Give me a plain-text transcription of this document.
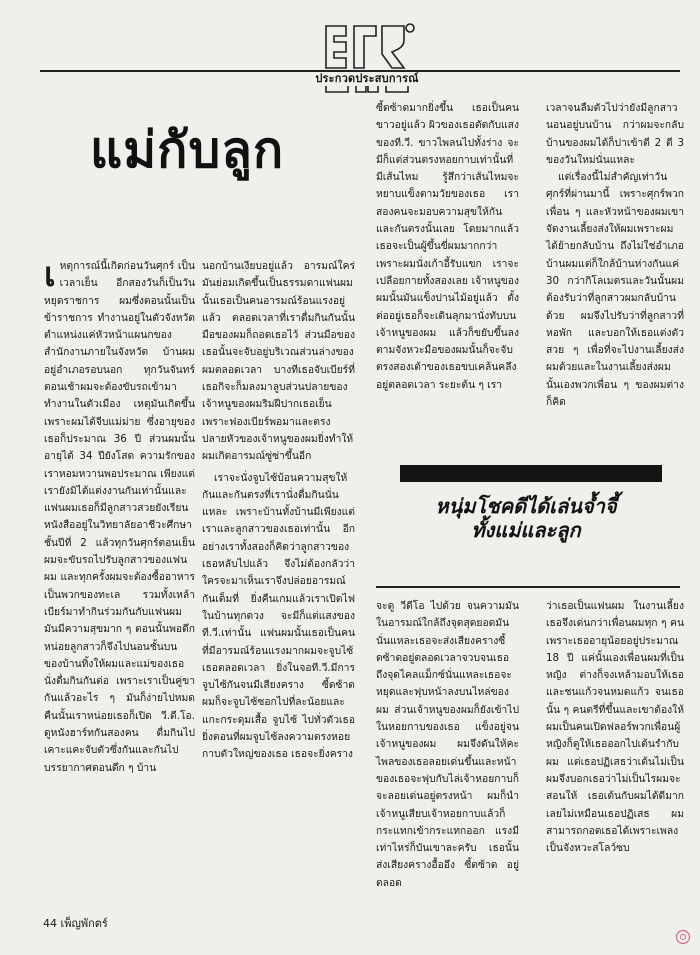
ประกวดประสบการณ์
แม่กับลูก

เหตุการณ์นี้เกิดก่อนวันศุกร์ เป็นเวลาเย็น อีกสองวันก็เป็นวันหยุดราชการ ผมซึ่งตอนนั้นเป็นข้าราชการ ทำงานอยู่ในตัวจังหวัด ตำแหน่งแค่หัวหน้าแผนกของสำนักงานภายในจังหวัด บ้านผมอยู่อำเภอรอบนอก ทุกวันจันทร์ตอนเช้าผมจะต้องขับรถเข้ามาทำงานในตัวเมือง เหตุมันเกิดขึ้นเพราะผมได้จีบแม่ม่าย ซึ่งอายุของเธอก็ประมาณ 36 ปี ส่วนผมนั้นอายุได้ 34 ปียังโสด ความรักของเราหอมหวานพอประมาณ เพียงแต่เรายังมิได้แต่งงานกันเท่านั้นและแฟนผมเธอก็มีลูกสาวสวยยังเรียนหนังสืออยู่ในวิทยาลัยอาชีวะศึกษาชั้นปีที่ 2 แล้วทุกวันศุกร์ตอนเย็น ผมจะขับรถไปรับลูกสาวของแฟนผม และทุกครั้งผมจะต้องซื้ออาหารเป็นพวกของทะเล รวมทั้งเหล้าเบียร์มาทำกินร่วมกันกับแฟนผม มันมีความสุขมาก ๆ ตอนนั้นพอดึกหน่อยลูกสาวก็จึงไปนอนชั้นบนของบ้านทิ้งให้ผมและแม่ของเธอนั่งดื่มกินกันต่อ เพราะเราเป็นคู่ขากันแล้วอะไร ๆ มันก็ง่ายไปหมด คืนนั้นเราหน่อยเธอก็เปิด วี.ดี.โอ. ดูหนังฮาร์ทกันสองคน ดื่มกินไปเคาะแคะจับตัวซึ่งกันและกันไปบรรยากาศตอนดึก ๆ บ้าน

นอกบ้านเงียบอยู่แล้ว อารมณ์ใคร่มันย่อมเกิดขึ้นเป็นธรรมดาแฟนผมนั้นเธอเป็นคนอารมณ์ร้อนแรงอยู่แล้ว ตลอดเวลาที่เราดื่มกินกันนั้น มือของผมก็ถอดเธอไว้ ส่วนมือของเธอนั้นจะจับอยู่บริเวณส่วนล่างของผมตลอดเวลา บางทีเธอจับเบียร์ที่เธอกิจะก็มลงมาลูบส่วนปลายของเจ้าหนูของผมริมฝีปากเธอเย็นเพราะฟองเบียร์พอมาและตรงปลายหัวของเจ้าหนูของผมยิ่งทำให้ผมเกิดอารมณ์ซู่ซ่าขึ้นอีก

เราจะนั่งจูบไซ้บ้อนความสุขให้กันและกันตรงที่เรานั่งดื่มกินนั่นแหละ เพราะบ้านทั้งบ้านมีเพียงแต่เราและลูกสาวของเธอเท่านั้น อีกอย่างเราทั้งสองก็คิดว่าลูกสาวของเธอหลับไปแล้ว จึงไม่ต้องกลัวว่าใครจะมาเห็นเราจึงปล่อยอารมณ์กันเต็มที่ ยิ่งคืนเกมแล้วเราเปิดไฟในบ้านทุกดวง จะมีก็แต่แสงของ ที.วี.เท่านั้น แฟนผมนั้นเธอเป็นคนที่มีอารมณ์ร้อนแรงมากผมจะจูบไซ้เธอตลอดเวลา ยิ่งในจอที.วี.มีการจูบไซ้กันจนมีเสียงคราง ซี้ดซ้าด ผมก็จะจูบไซ้ซอกไปที่ละน้อยและแกะกระดุมเสื้อ จูบไซ้ ไปทั่วตัวเธอ ยิ่งตอนที่ผมจูบไซ้ลงความตรงหอยกาบตัวใหญ่ของเธอ เธอจะยิ่งคราง

ซี้ดซ้าดมากยิ่งขึ้น เธอเป็นคนขาวอยู่แล้ว ผิวของเธอตัดกับแสงของที.วี. ขาวไพลนไปทั้งร่าง จะมีก็แต่ส่วนตรงหอยกาบเท่านั้นที่มีเส้นไหม รู้สึกว่าเส้นไหมจะหยาบแข็งตามวัยของเธอ เราสองคนจะมอบความสุขให้กันและกันตรงนั้นเลย โดยมากแล้วเธอจะเป็นผู้ขึ้นขี่ผมมากกว่า เพราะผมนั่งเก้าอี้รับแขก เราจะเปลือยกายทั้งสองเลย เจ้าหนูของผมนั้นมันแข็งปานไม้อยู่แล้ว ตั้งต่ออยู่เธอก็จะเดินลุกมานั่งทับบนเจ้าหนูของผม แล้วก็ขยับขึ้นลงตามจังหวะมือของผมนั้นก็จะจับตรงสองเต้าของเธอขบเคล้นคลึงอยู่ตลอดเวลา ระยะต้น ๆ เรา

เวลาจนลืมตัวไปว่ายังมีลูกสาวนอนอยู่บนบ้าน กว่าผมจะกลับบ้านของผมได้ก็ปาเข้าตี 2 ตี 3 ของวันใหม่นั่นแหละ

แต่เรื่องนี้ไม่สำคัญเท่าวันศุกร์ที่ผ่านมานี้ เพราะศุกร์พวกเพื่อน ๆ และหัวหน้าของผมเขาจัดงานเลี้ยงส่งให้ผมเพราะผมได้ย้ายกลับบ้าน ถึงไม่ใช่อำเภอบ้านผมแต่ก็ใกล้บ้านห่างกันแค่ 30 กว่ากิโลเมตรและวันนั้นผมต้องรับว่าที่ลูกสาวผมกลับบ้านด้วย ผมจึงไปรับว่าที่ลูกสาวที่หอพัก และบอกให้เธอแต่งตัวสวย ๆ เพื่อที่จะไปงานเลี้ยงส่งผมด้วยและในงานเลี้ยงส่งผมนั้นเองพวกเพื่อน ๆ ของผมต่างก็คิด

หนุ่มโชคดีได้เล่นจ้ำจี้
ทั้งแม่และลูก

จะดู วีดีโอ ไปด้วย จนความมันในอารมณ์ใกล้ถึงจุดสุดยอดมันนั่นแหละเธอจะส่งเสียงครางซี้ดซ้าดอยู่ตลอดเวลาจวบจนเธอถึงจุดไคลแม็กซ์นั่นแหละเธอจะหยุดและฟุบหน้าลงบนไหล่ของผม ส่วนเจ้าหนูของผมก็ยังเข้าไปในหอยกาบของเธอ แข็งอยู่จนเจ้าหนูของผม ผมจึงดันให้คะไพลของเธอลอยเด่นขึ้นและหน้าของเธอจะฟุบกับไล่เจ้าหอยกาบก็จะลอยเด่นอยู่ตรงหน้า ผมก็นำเจ้าหนูเสียบเจ้าหอยกาบแล้วก็กระแทกเข้ากระแทกออก แรงมีเท่าไหร่ก็บันเขาละครับ เธอนั้นส่งเสียงครางอื้ออึง ซี้ดซ้าด อยู่ตลอด

ว่าเธอเป็นแฟนผม ในงานเลี้ยงเธอจึงเด่นกว่าเพื่อนผมทุก ๆ คน เพราะเธออายุน้อยอยู่ประมาณ 18 ปี แค่นั้นเองเพื่อนผมที่เป็นหญิง ต่างก็จงเหล้ามอบให้เธอและชนแก้วจนหมดแก้ว จนเธอนั้น ๆ คนตรีที่ขึ้นและเขาต้องให้ผมเป็นคนเปิดฟลอร์พวกเพื่อนผู้หญิงก็ดูให้เธอออกไปเต้นรำกับผม แต่เธอปฏิเสธว่าเต้นไม่เป็น ผมจึงบอกเธอว่าไม่เป็นไรผมจะสอนให้ เธอเต้นกับผมได้ดีมากเลยไม่เหมือนเธอปฏิเสธ ผมสามารถกอดเธอได้เพราะเพลงเป็นจังหวะสโลว์ซบ

44 เพ็ญพักตร์
